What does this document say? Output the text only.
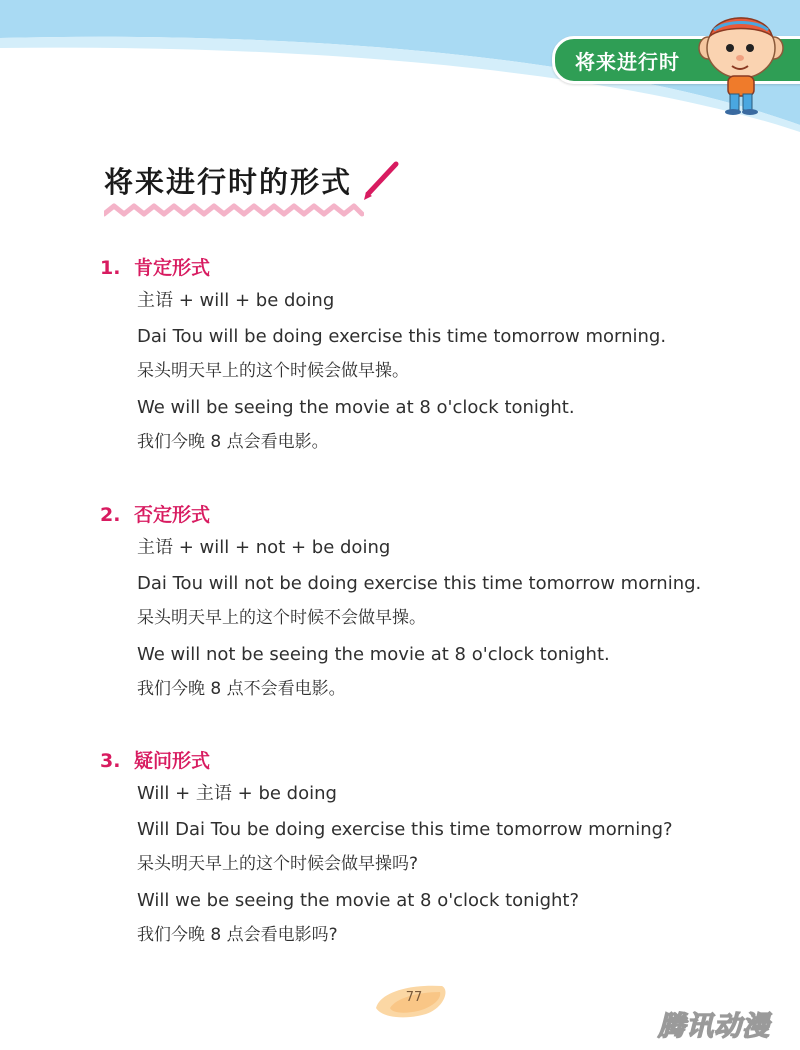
将来进行时
将来进行时的形式
1. 肯定形式
主语 + will + be doing
Dai Tou will be doing exercise this time tomorrow morning.
呆头明天早上的这个时候会做早操。
We will be seeing the movie at 8 o'clock tonight.
我们今晚 8 点会看电影。
2. 否定形式
主语 + will + not + be doing
Dai Tou will not be doing exercise this time tomorrow morning.
呆头明天早上的这个时候不会做早操。
We will not be seeing the movie at 8 o'clock tonight.
我们今晚 8 点不会看电影。
3. 疑问形式
Will + 主语 + be doing
Will Dai Tou be doing exercise this time tomorrow morning?
呆头明天早上的这个时候会做早操吗?
Will we be seeing the movie at 8 o'clock tonight?
我们今晚 8 点会看电影吗?
77
腾讯动漫
